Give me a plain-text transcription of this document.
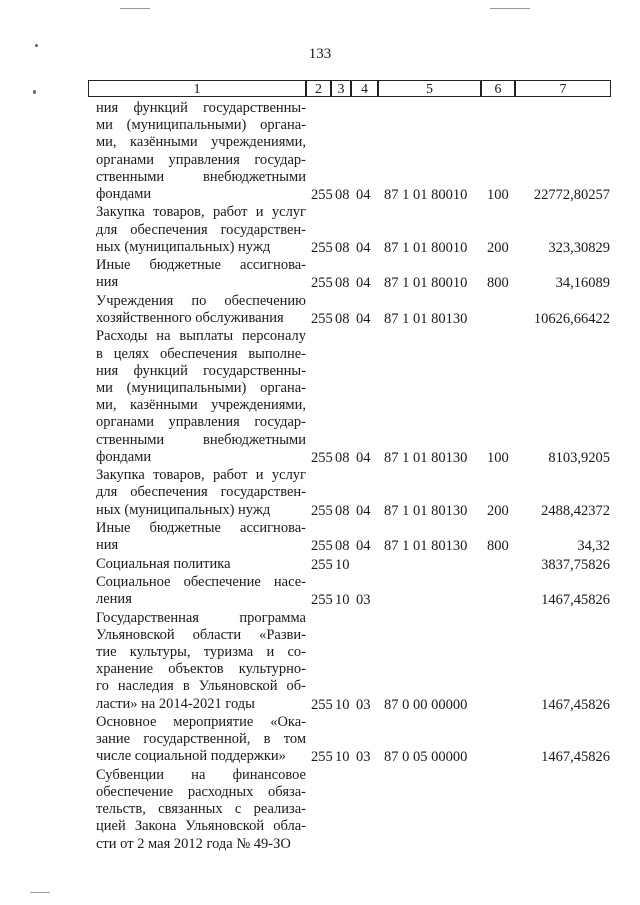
133
1	2	3	4	5	6	7
ния функций государственны-
ми (муниципальными) органа-
ми, казёнными учреждениями,
органами управления государ-
ственными внебюджетными
фондами	255 08 04 87 1 01 80010 100 22772,80257
Закупка товаров, работ и услуг
для обеспечения государствен-
ных (муниципальных) нужд	255 08 04 87 1 01 80010 200	323,30829
Иные бюджетные ассигнова-
ния	255 08 04 87 1 01 80010 800	34,16089
Учреждения по обеспечению
хозяйственного обслуживания	255 08 04 87 1 01 80130	10626,66422
Расходы на выплаты персоналу
в целях обеспечения выполне-
ния функций государственны-
ми (муниципальными) органа-
ми, казёнными учреждениями,
органами управления государ-
ственными внебюджетными
фондами	255 08 04 87 1 01 80130 100	8103,9205
Закупка товаров, работ и услуг
для обеспечения государствен-
ных (муниципальных) нужд	255 08 04 87 1 01 80130 200 2488,42372
Иные бюджетные ассигнова-
ния	255 08 04 87 1 01 80130 800	34,32
Социальная политика	255 10	3837,75826
Социальное обеспечение насе-
ления	255 10 03	1467,45826
Государственная программа
Ульяновской области «Разви-
тие культуры, туризма и со-
хранение объектов культурно-
го наследия в Ульяновской об-
ласти» на 2014-2021 годы	255 10 03 87 0 00 00000	1467,45826
Основное мероприятие «Ока-
зание государственной, в том
числе социальной поддержки»	255 10 03 87 0 05 00000	1467,45826
Субвенции на финансовое
обеспечение расходных обяза-
тельств, связанных с реализа-
цией Закона Ульяновской обла-
сти от 2 мая 2012 года № 49-ЗО
